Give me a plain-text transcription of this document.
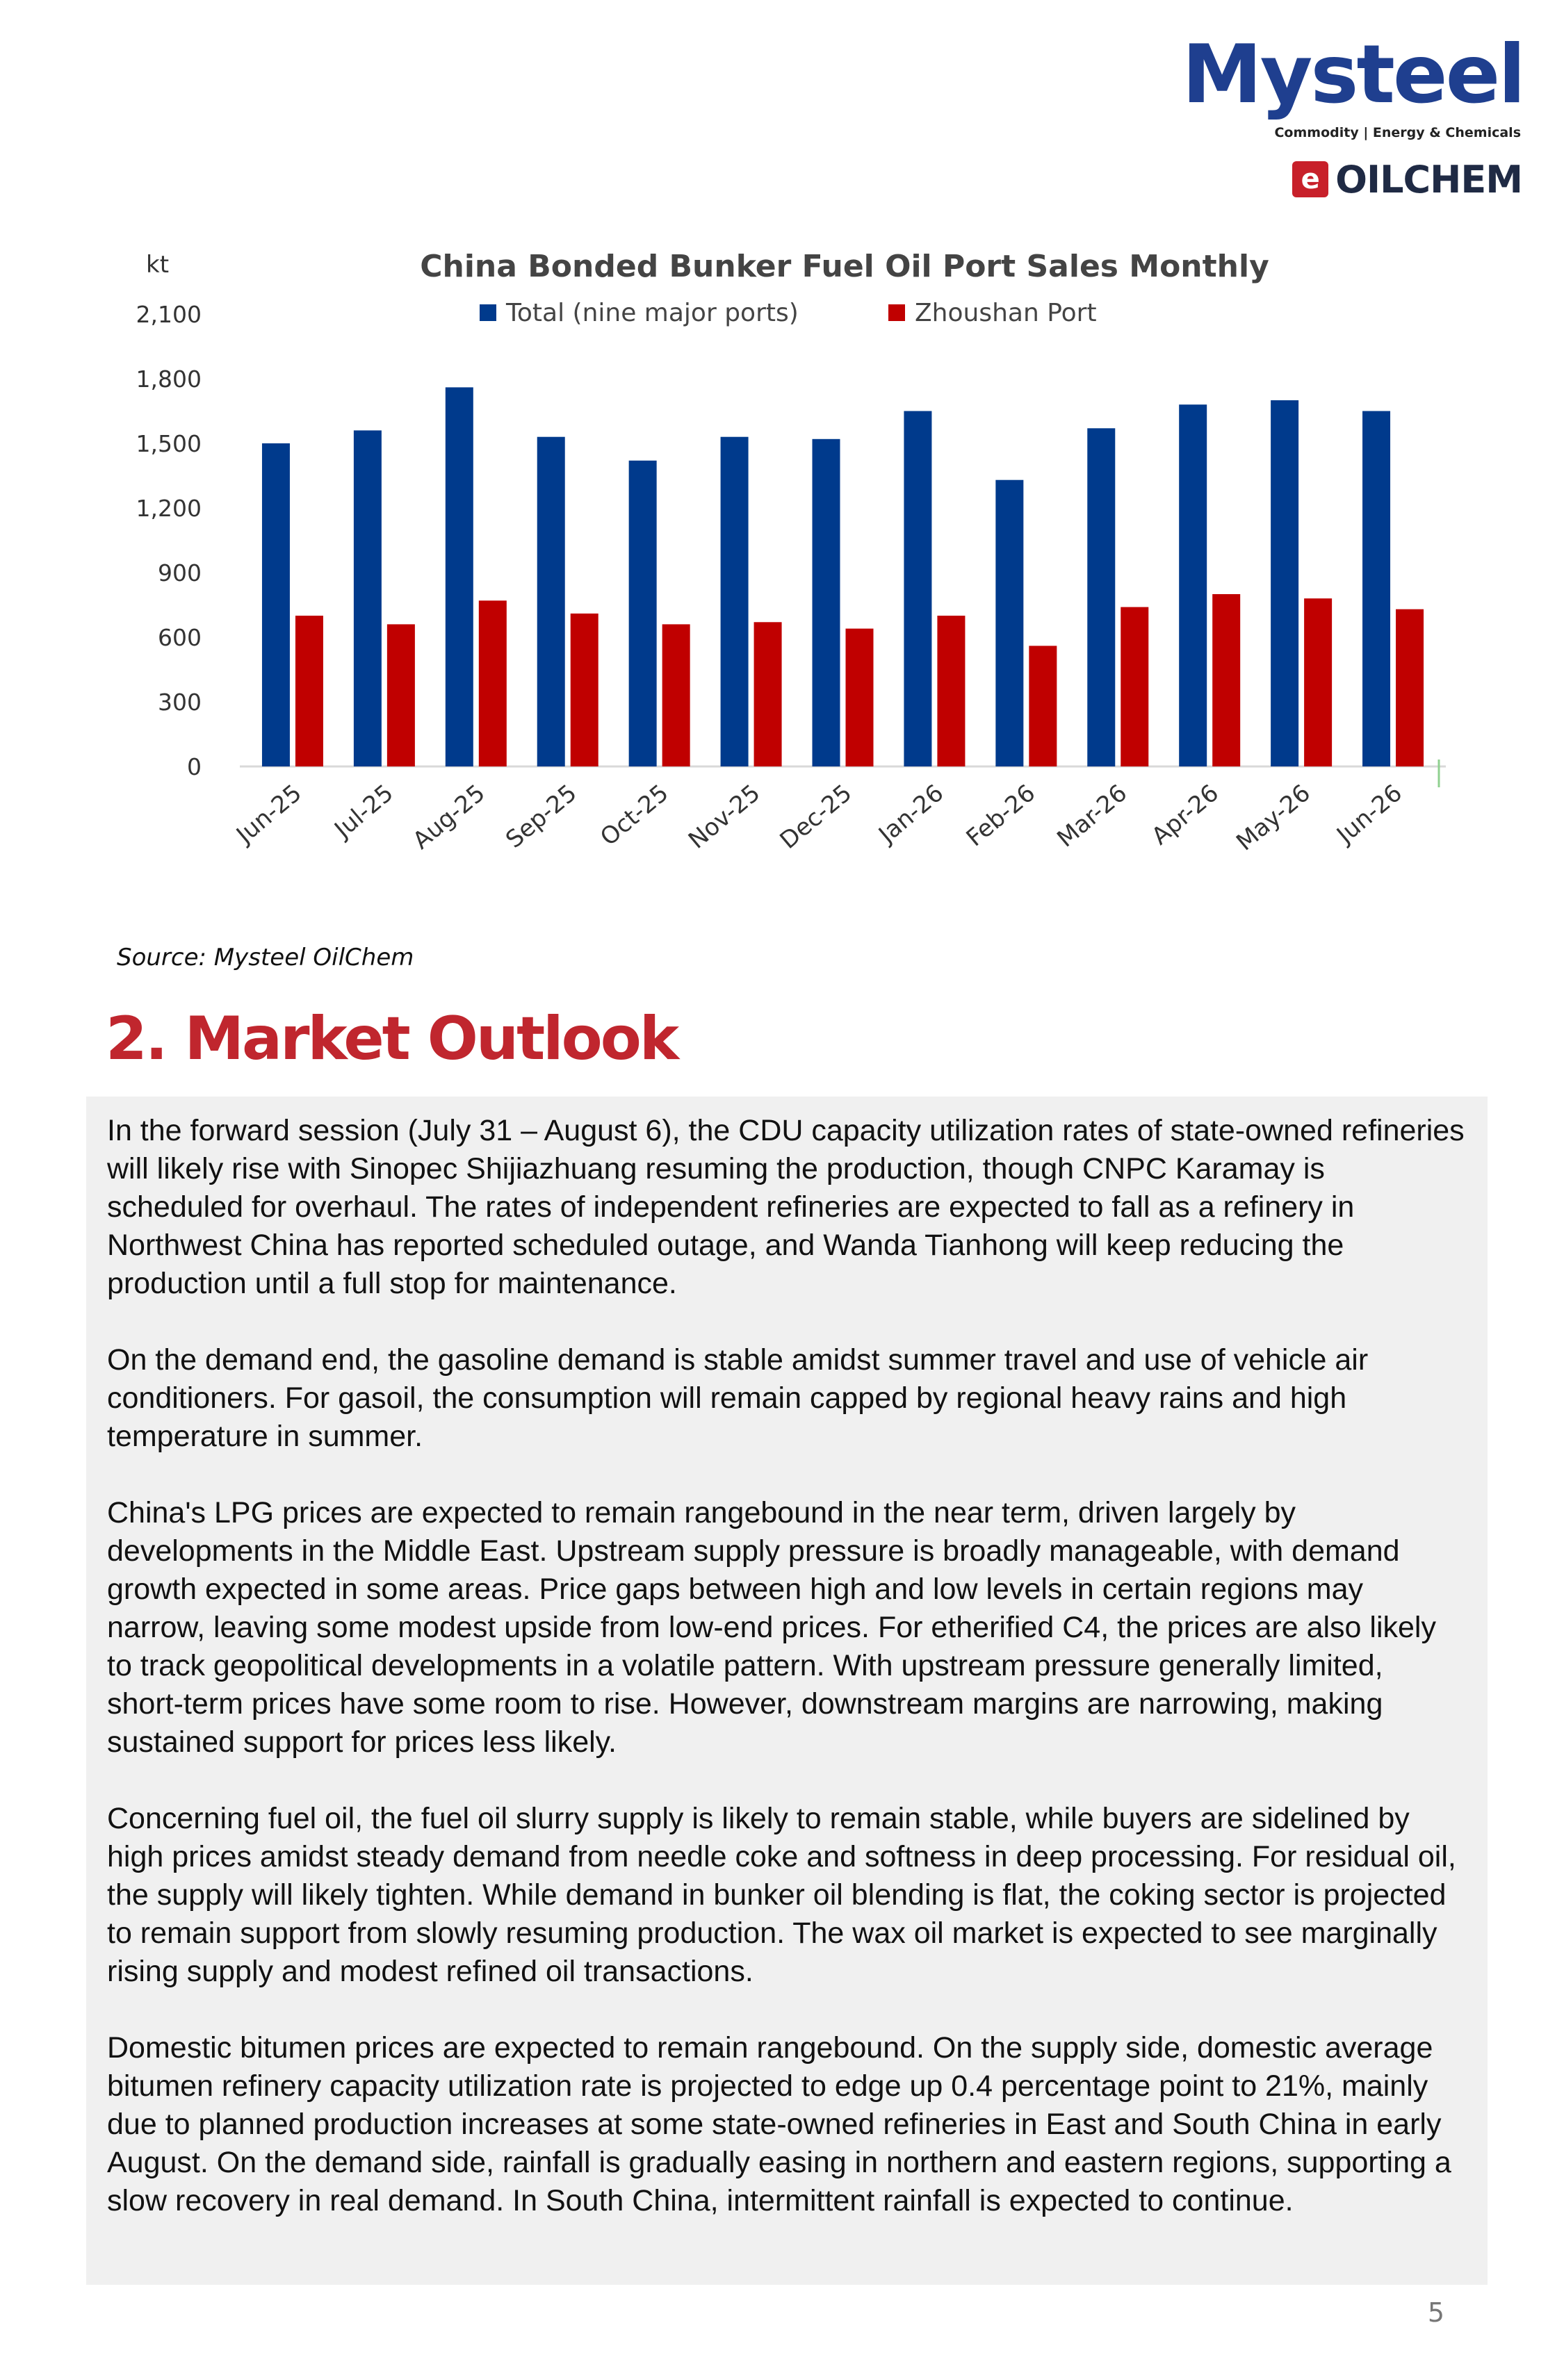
Mysteel
Commodity | Energy & Chemicals
e OILCHEM
kt	China Bonded Bunker Fuel Oil Port Sales Monthly
Total (nine major ports)	Zhoushan Port
0
300
600
900
1,200
1,500
1,800
2,100
Jun-25 Jul-25 Aug-25 Sep-25 Oct-25 Nov-25 Dec-25 Jan-26 Feb-26 Mar-26 Apr-26 May-26 Jun-26
Source: Mysteel OilChem
2. Market Outlook

In the forward session (July 31 – August 6), the CDU capacity utilization rates of state-owned refineries will likely rise with Sinopec Shijiazhuang resuming the production, though CNPC Karamay is scheduled for overhaul. The rates of independent refineries are expected to fall as a refinery in Northwest China has reported scheduled outage, and Wanda Tianhong will keep reducing the production until a full stop for maintenance.

On the demand end, the gasoline demand is stable amidst summer travel and use of vehicle air conditioners. For gasoil, the consumption will remain capped by regional heavy rains and high temperature in summer.

China's LPG prices are expected to remain rangebound in the near term, driven largely by developments in the Middle East. Upstream supply pressure is broadly manageable, with demand growth expected in some areas. Price gaps between high and low levels in certain regions may narrow, leaving some modest upside from low-end prices. For etherified C4, the prices are also likely to track geopolitical developments in a volatile pattern. With upstream pressure generally limited, short-term prices have some room to rise. However, downstream margins are narrowing, making sustained support for prices less likely.

Concerning fuel oil, the fuel oil slurry supply is likely to remain stable, while buyers are sidelined by high prices amidst steady demand from needle coke and softness in deep processing. For residual oil, the supply will likely tighten. While demand in bunker oil blending is flat, the coking sector is projected to remain support from slowly resuming production. The wax oil market is expected to see marginally rising supply and modest refined oil transactions.

Domestic bitumen prices are expected to remain rangebound. On the supply side, domestic average bitumen refinery capacity utilization rate is projected to edge up 0.4 percentage point to 21%, mainly due to planned production increases at some state-owned refineries in East and South China in early August. On the demand side, rainfall is gradually easing in northern and eastern regions, supporting a slow recovery in real demand. In South China, intermittent rainfall is expected to continue.

5
